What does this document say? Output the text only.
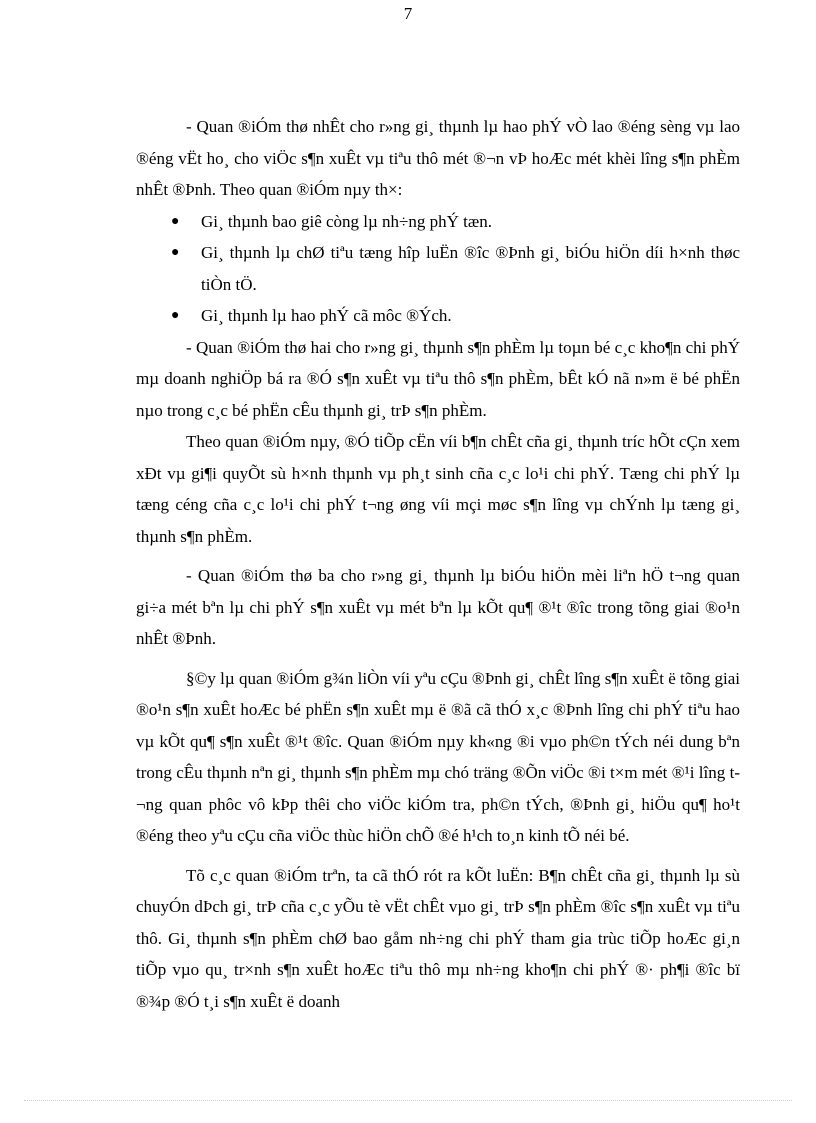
7

- Quan ®iÓm thø nhÊt cho r»ng gi¸ thµnh lµ hao phÝ vÒ lao ®éng sèng vµ lao ®éng vËt ho¸ cho viÖc s¶n xuÊt vµ tiªu thô mét ®¬n vÞ hoÆc mét khèi lîng s¶n phÈm nhÊt ®Þnh. Theo quan ®iÓm nµy th×:

● Gi¸ thµnh bao giê còng lµ nh÷ng phÝ tæn.
● Gi¸ thµnh lµ chØ tiªu tæng hîp luËn ®îc ®Þnh gi¸ biÓu hiÖn díi h×nh thøc tiÒn tÖ.
● Gi¸ thµnh lµ hao phÝ cã môc ®Ých.

- Quan ®iÓm thø hai cho r»ng gi¸ thµnh s¶n phÈm lµ toµn bé c¸c kho¶n chi phÝ mµ doanh nghiÖp bá ra ®Ó s¶n xuÊt vµ tiªu thô s¶n phÈm, bÊt kÓ nã n»m ë bé phËn nµo trong c¸c bé phËn cÊu thµnh gi¸ trÞ s¶n phÈm.

Theo quan ®iÓm nµy, ®Ó tiÕp cËn víi b¶n chÊt cña gi¸ thµnh tríc hÕt cÇn xem xÐt vµ gi¶i quyÕt sù h×nh thµnh vµ ph¸t sinh cña c¸c lo¹i chi phÝ. Tæng chi phÝ lµ tæng céng cña c¸c lo¹i chi phÝ t¬ng øng víi mçi møc s¶n lîng vµ chÝnh lµ tæng gi¸ thµnh s¶n phÈm.

- Quan ®iÓm thø ba cho r»ng gi¸ thµnh lµ biÓu hiÖn mèi liªn hÖ t¬ng quan gi÷a mét bªn lµ chi phÝ s¶n xuÊt vµ mét bªn lµ kÕt qu¶ ®¹t ®îc trong tõng giai ®o¹n nhÊt ®Þnh.

§©y lµ quan ®iÓm g¾n liÒn víi yªu cÇu ®Þnh gi¸ chÊt lîng s¶n xuÊt ë tõng giai ®o¹n s¶n xuÊt hoÆc bé phËn s¶n xuÊt mµ ë ®ã cã thÓ x¸c ®Þnh lîng chi phÝ tiªu hao vµ kÕt qu¶ s¶n xuÊt ®¹t ®îc. Quan ®iÓm nµy kh«ng ®i vµo ph©n tÝch néi dung bªn trong cÊu thµnh nªn gi¸ thµnh s¶n phÈm mµ chó träng ®Õn viÖc ®i t×m mét ®¹i lîng t¬ng quan phôc vô kÞp thêi cho viÖc kiÓm tra, ph©n tÝch, ®Þnh gi¸ hiÖu qu¶ ho¹t ®éng theo yªu cÇu cña viÖc thùc hiÖn chÕ ®é h¹ch to¸n kinh tÕ néi bé.

Tõ c¸c quan ®iÓm trªn, ta cã thÓ rót ra kÕt luËn: B¶n chÊt cña gi¸ thµnh lµ sù chuyÓn dÞch gi¸ trÞ cña c¸c yÕu tè vËt chÊt vµo gi¸ trÞ s¶n phÈm ®îc s¶n xuÊt vµ tiªu thô. Gi¸ thµnh s¶n phÈm chØ bao gåm nh÷ng chi phÝ tham gia trùc tiÕp hoÆc gi¸n tiÕp vµo qu¸ tr×nh s¶n xuÊt hoÆc tiªu thô mµ nh÷ng kho¶n chi phÝ ®· ph¶i ®îc bï ®¾p ®Ó t¸i s¶n xuÊt ë doanh
